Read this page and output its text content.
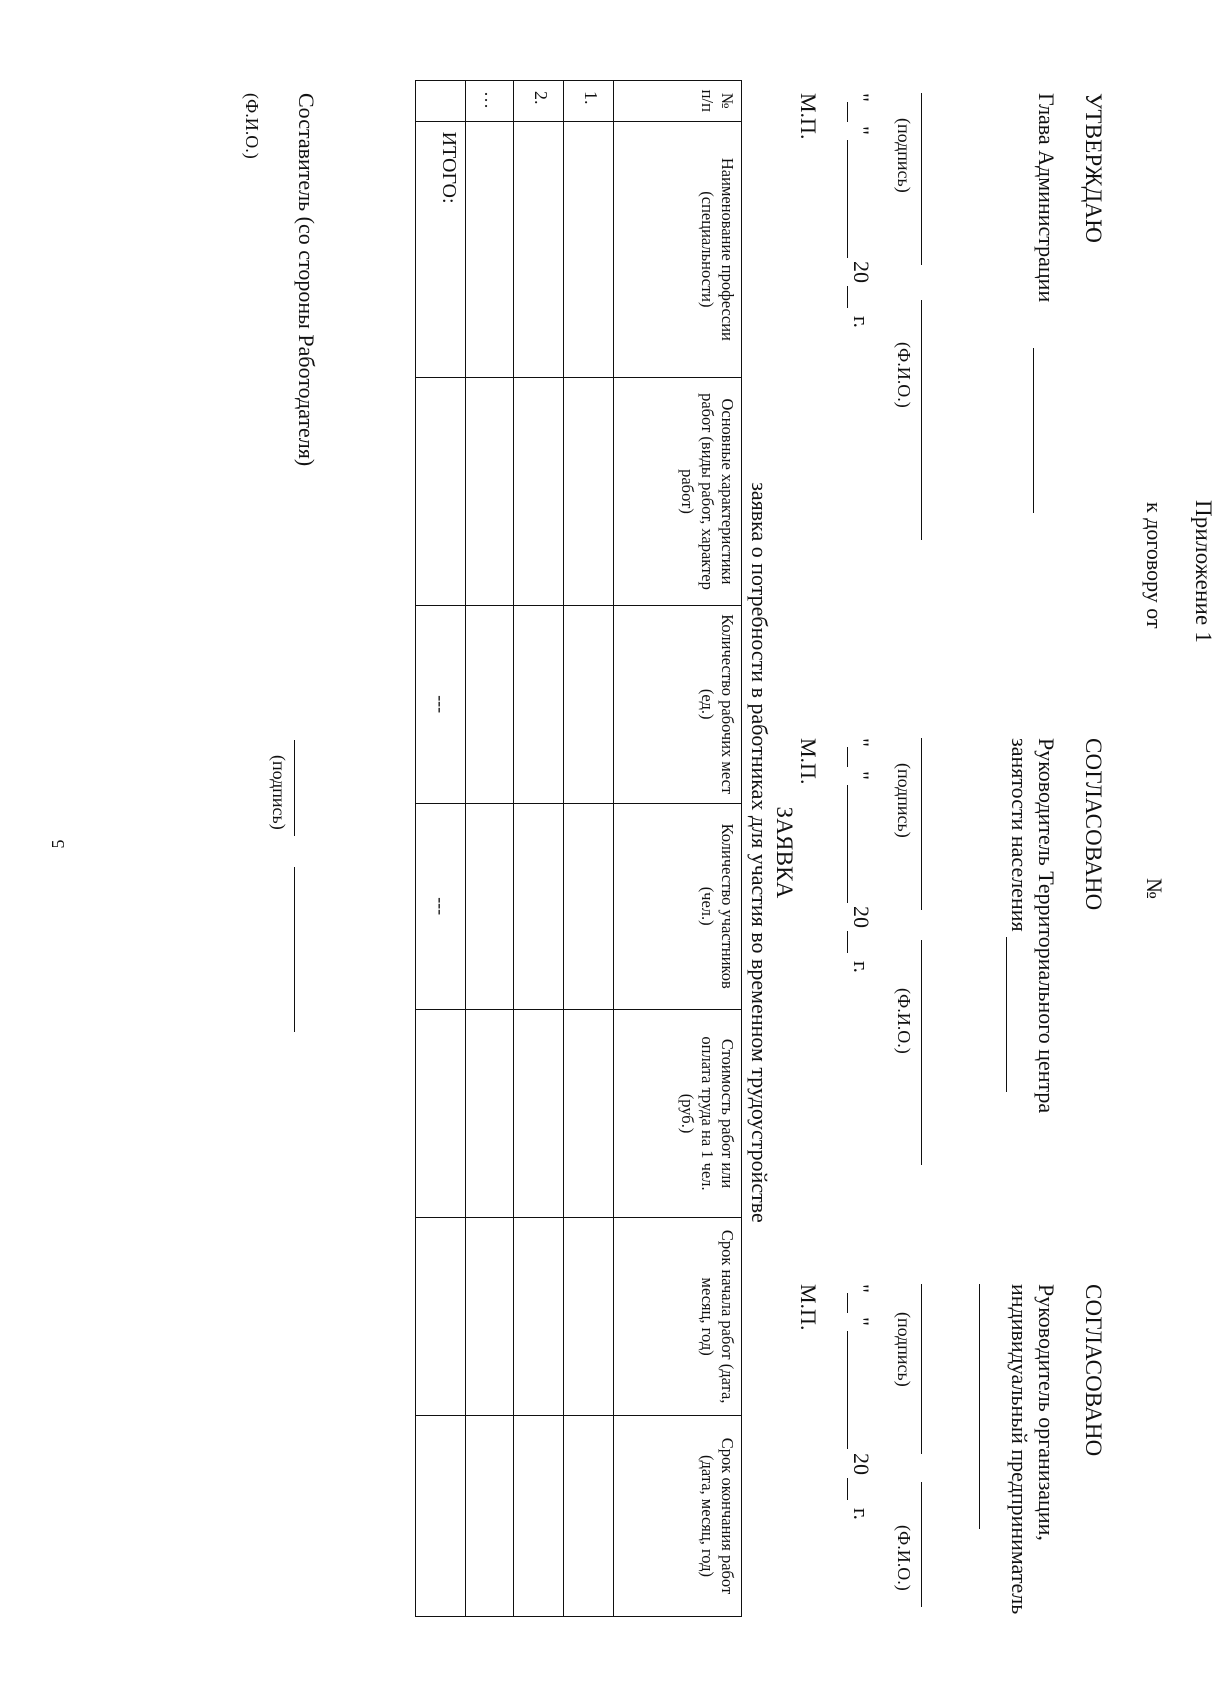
5
Приложение 1
к договору от
№
УТВЕРЖДАЮ
Глава Администрации
(подпись)
(Ф.И.О.)
"
"
20
г.
М.П.
СОГЛАСОВАНО
Руководитель Территориального центра
занятости населения
(подпись)
(Ф.И.О.)
"
"
20
г.
М.П.
СОГЛАСОВАНО
Руководитель организации,
индивидуальный предприниматель
(подпись)
(Ф.И.О.)
"
"
20
г.
М.П.
ЗАЯВКА
заявка о потребности в работниках для участия во временном трудоустройстве
№ п/п	Наименование профессии (специальности)	Основные характеристики работ (виды работ, характер работ)	Количество рабочих мест (ед.)	Количество участников (чел.)	Стоимость работ или оплата труда на 1 чел. (руб.)	Срок начала работ (дата, месяц, год)	Срок окончания работ (дата, месяц, год)
1.							
2.							
…							
	ИТОГО:		---	---			
Составитель (со стороны Работодателя)
(подпись)
(Ф.И.О.)
